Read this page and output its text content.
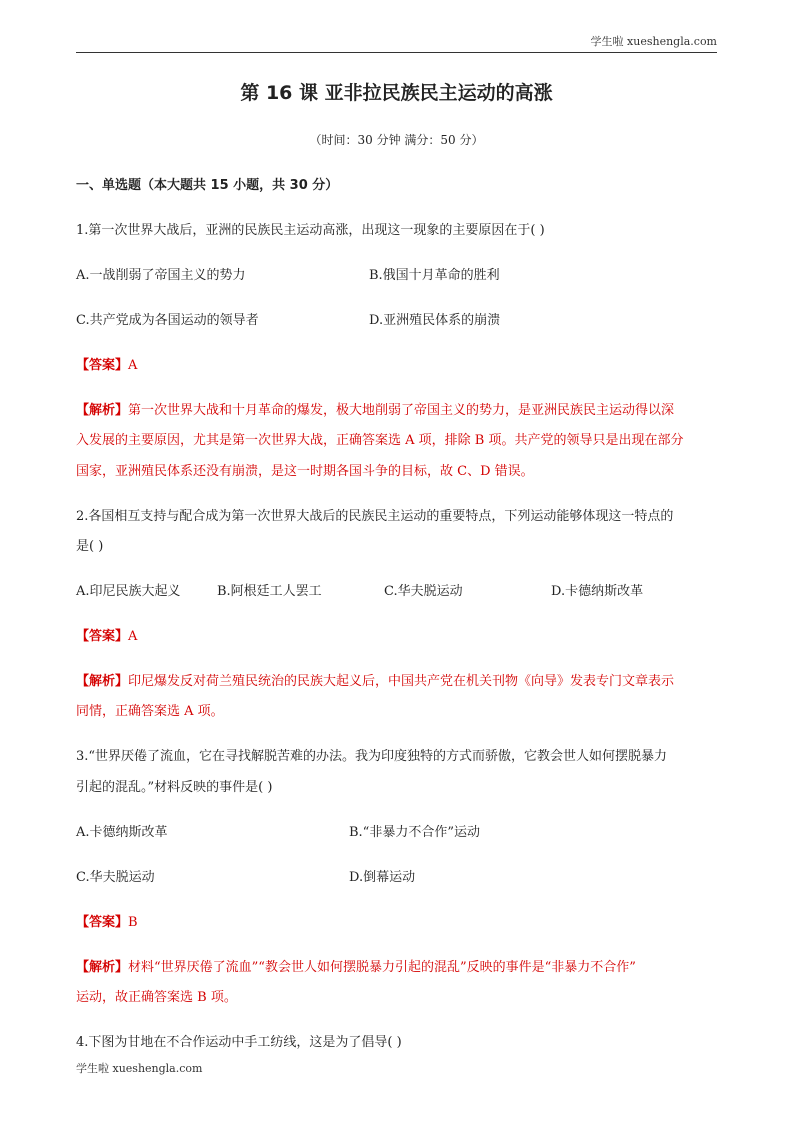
学生啦 xueshengla.com
第 16 课 亚非拉民族民主运动的高涨
（时间：30 分钟 满分：50 分）
一、单选题（本大题共 15 小题，共 30 分）
1.第一次世界大战后，亚洲的民族民主运动高涨，出现这一现象的主要原因在于( )
A.一战削弱了帝国主义的势力	B.俄国十月革命的胜利
C.共产党成为各国运动的领导者	D.亚洲殖民体系的崩溃
【答案】A
【解析】第一次世界大战和十月革命的爆发，极大地削弱了帝国主义的势力，是亚洲民族民主运动得以深
入发展的主要原因，尤其是第一次世界大战，正确答案选 A 项，排除 B 项。共产党的领导只是出现在部分
国家，亚洲殖民体系还没有崩溃，是这一时期各国斗争的目标，故 C、D 错误。
2.各国相互支持与配合成为第一次世界大战后的民族民主运动的重要特点，下列运动能够体现这一特点的
是( )
A.印尼民族大起义	B.阿根廷工人罢工	C.华夫脱运动	D.卡德纳斯改革
【答案】A
【解析】印尼爆发反对荷兰殖民统治的民族大起义后，中国共产党在机关刊物《向导》发表专门文章表示
同情，正确答案选 A 项。
3.“世界厌倦了流血，它在寻找解脱苦难的办法。我为印度独特的方式而骄傲，它教会世人如何摆脱暴力
引起的混乱。”材料反映的事件是( )
A.卡德纳斯改革	B.“非暴力不合作”运动
C.华夫脱运动	D.倒幕运动
【答案】B
【解析】材料“世界厌倦了流血”“教会世人如何摆脱暴力引起的混乱”反映的事件是“非暴力不合作”
运动，故正确答案选 B 项。
4.下图为甘地在不合作运动中手工纺线，这是为了倡导( )
学生啦 xueshengla.com
